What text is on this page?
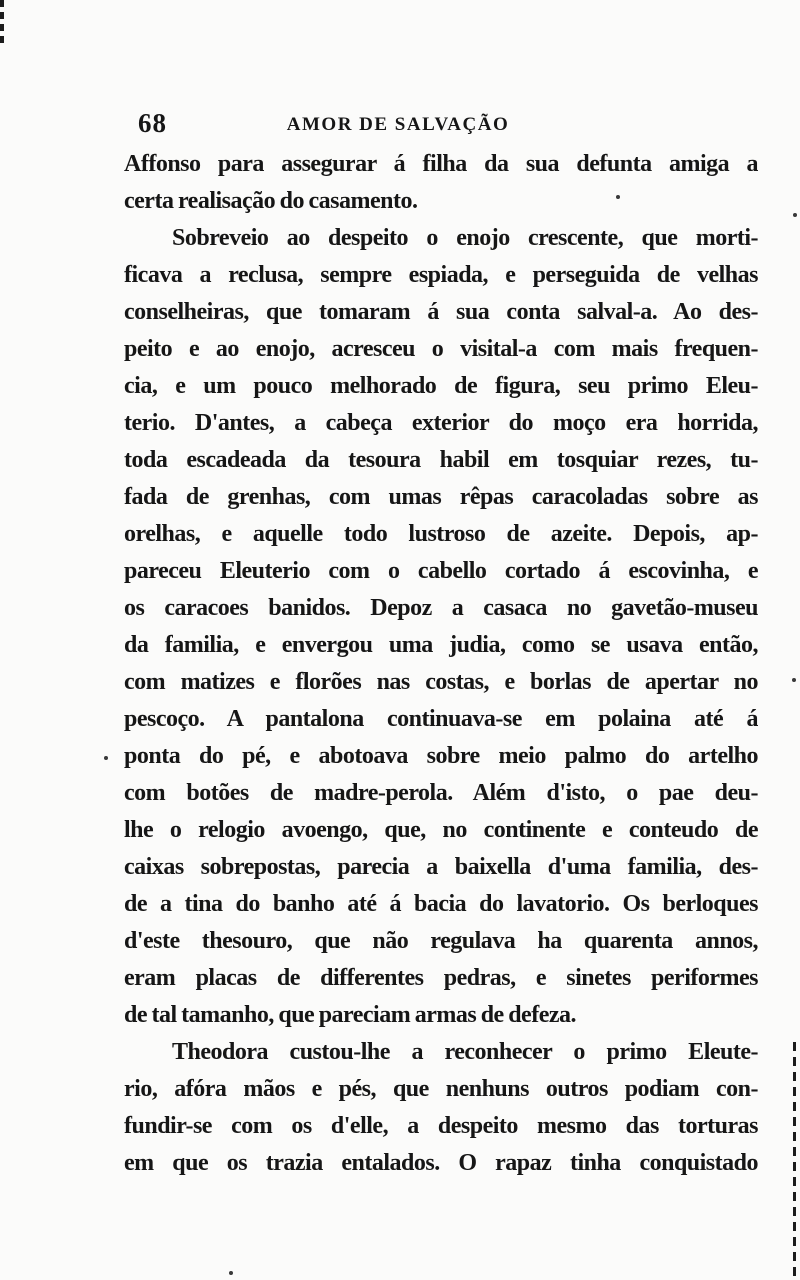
68	AMOR DE SALVAÇÃO
Affonso para assegurar á filha da sua defunta amiga a
certa realisação do casamento.
Sobreveio ao despeito o enojo crescente, que morti-
ficava a reclusa, sempre espiada, e perseguida de velhas
conselheiras, que tomaram á sua conta salval-a. Ao des-
peito e ao enojo, acresceu o visital-a com mais frequen-
cia, e um pouco melhorado de figura, seu primo Eleu-
terio. D'antes, a cabeça exterior do moço era horrida,
toda escadeada da tesoura habil em tosquiar rezes, tu-
fada de grenhas, com umas rêpas caracoladas sobre as
orelhas, e aquelle todo lustroso de azeite. Depois, ap-
pareceu Eleuterio com o cabello cortado á escovinha, e
os caracoes banidos. Depoz a casaca no gavetão-museu
da familia, e envergou uma judia, como se usava então,
com matizes e florões nas costas, e borlas de apertar no
pescoço. A pantalona continuava-se em polaina até á
ponta do pé, e abotoava sobre meio palmo do artelho
com botões de madre-perola. Além d'isto, o pae deu-
lhe o relogio avoengo, que, no continente e conteudo de
caixas sobrepostas, parecia a baixella d'uma familia, des-
de a tina do banho até á bacia do lavatorio. Os berloques
d'este thesouro, que não regulava ha quarenta annos,
eram placas de differentes pedras, e sinetes periformes
de tal tamanho, que pareciam armas de defeza.
Theodora custou-lhe a reconhecer o primo Eleute-
rio, afóra mãos e pés, que nenhuns outros podiam con-
fundir-se com os d'elle, a despeito mesmo das torturas
em que os trazia entalados. O rapaz tinha conquistado
